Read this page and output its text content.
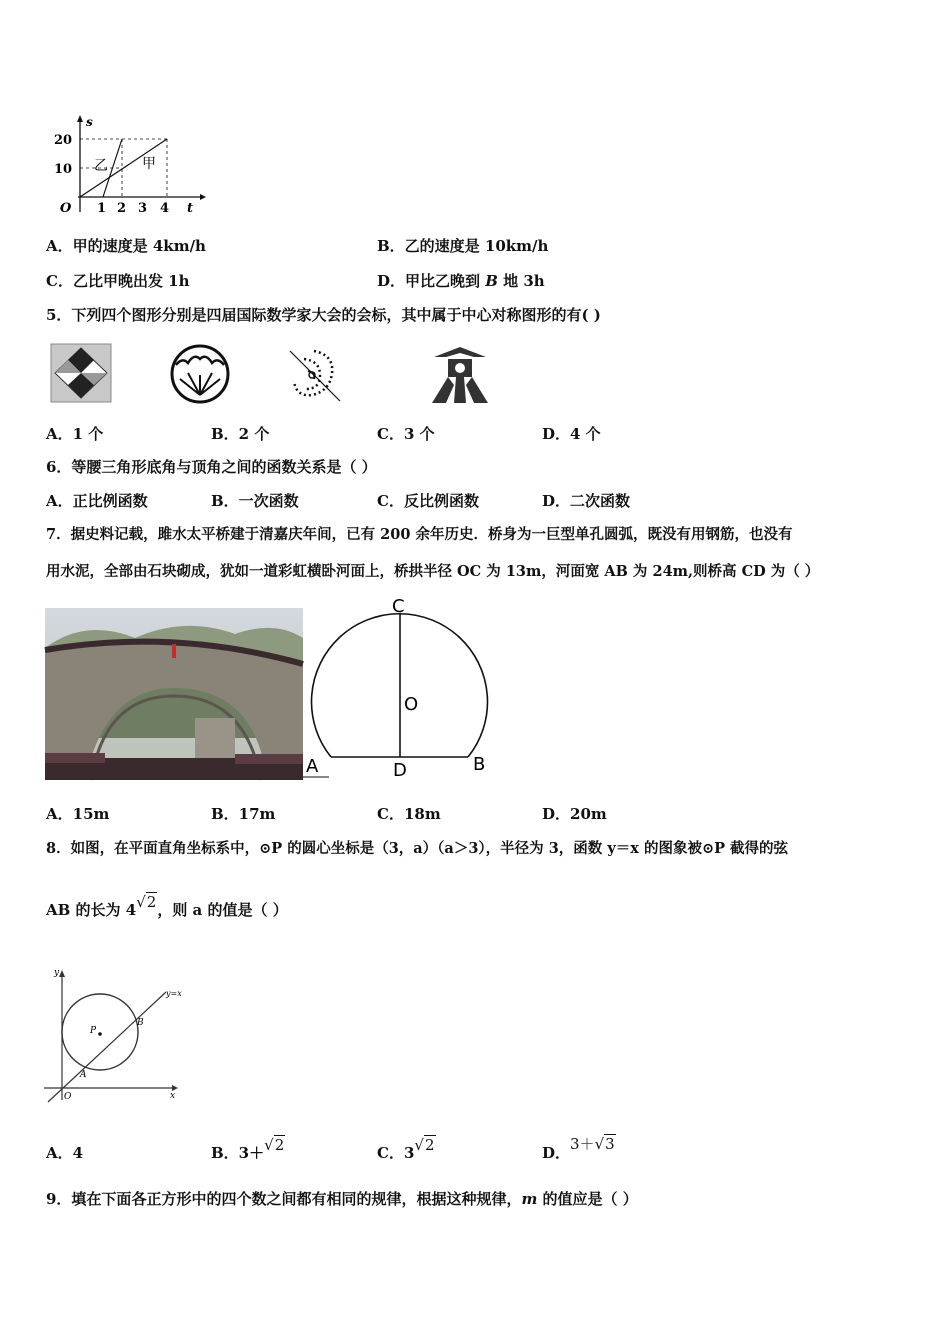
s
20
10
O 1 2 3 4 t
乙 甲
A．甲的速度是 4km/h	B．乙的速度是 10km/h
C．乙比甲晚出发 1h	D．甲比乙晚到 B 地 3h
5．下列四个图形分别是四届国际数学家大会的会标，其中属于中心对称图形的有( )
A．1 个	B．2 个	C．3 个	D．4 个
6．等腰三角形底角与顶角之间的函数关系是（ ）
A．正比例函数	B．一次函数	C．反比例函数	D．二次函数
7．据史料记载，雎水太平桥建于清嘉庆年间，已有 200 余年历史．桥身为一巨型单孔圆弧，既没有用钢筋，也没有
用水泥，全部由石块砌成，犹如一道彩虹横卧河面上，桥拱半径 OC 为 13m，河面宽 AB 为 24m,则桥高 CD 为（ ）
C
O
A	B
D
A．15m	B．17m	C．18m	D．20m
8．如图，在平面直角坐标系中，⊙P 的圆心坐标是（3，a）（a＞3），半径为 3，函数 y＝x 的图象被⊙P 截得的弦
AB 的长为 4√2，则 a 的值是（ ）
y
x
O
P
A
B
y=x
A．4	B．3＋√2	C．3√2	D．3＋√3
9．填在下面各正方形中的四个数之间都有相同的规律，根据这种规律，m 的值应是（ ）
